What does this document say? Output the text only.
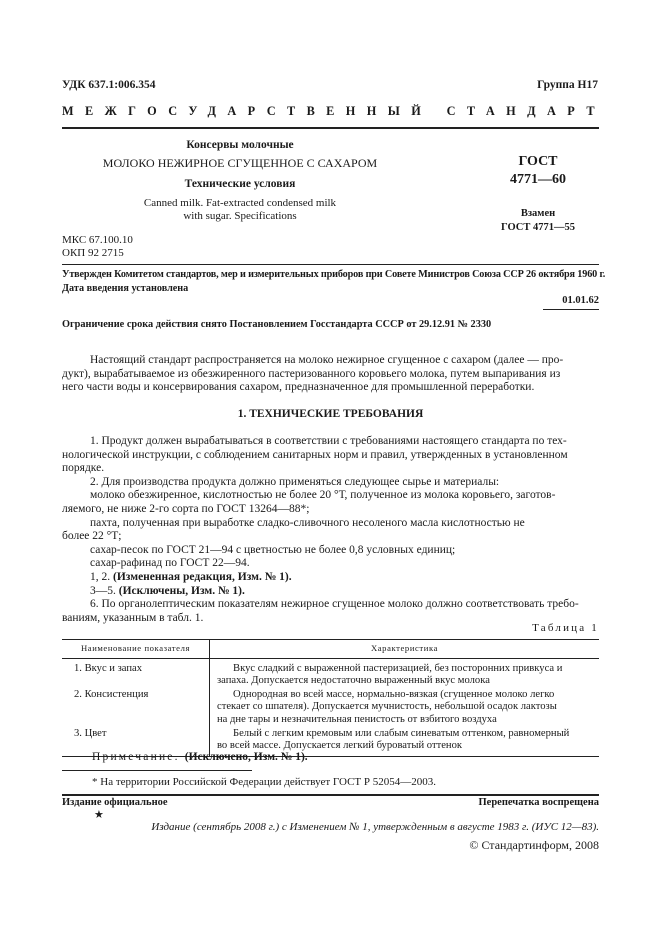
УДК 637.1:006.354	Группа Н17

МЕЖГОСУДАРСТВЕННЫЙ СТАНДАРТ

Консервы молочные

МОЛОКО НЕЖИРНОЕ СГУЩЕННОЕ С САХАРОМ

Технические условия

Canned milk. Fat-extracted condensed milk

with sugar. Specifications

ГОСТ

4771—60

Взамен

ГОСТ 4771—55

МКС 67.100.10

ОКП 92 2715

Утвержден Комитетом стандартов, мер и измерительных приборов при Совете Министров Союза ССР 26 октября 1960 г.

Дата введения установлена

01.01.62

Ограничение срока действия снято Постановлением Госстандарта СССР от 29.12.91 № 2330

Настоящий стандарт распространяется на молоко нежирное сгущенное с сахаром (далее — про-
дукт), вырабатываемое из обезжиренного пастеризованного коровьего молока, путем выпаривания из
него части воды и консервирования сахаром, предназначенное для промышленной переработки.

1. ТЕХНИЧЕСКИЕ ТРЕБОВАНИЯ

1. Продукт должен вырабатываться в соответствии с требованиями настоящего стандарта по тех-
нологической инструкции, с соблюдением санитарных норм и правил, утвержденных в установленном
порядке.
2. Для производства продукта должно применяться следующее сырье и материалы:
молоко обезжиренное, кислотностью не более 20 °Т, полученное из молока коровьего, заготов-
ляемого, не ниже 2-го сорта по ГОСТ 13264—88*;
пахта, полученная при выработке сладко-сливочного несоленого масла кислотностью не
более 22 °Т;
сахар-песок по ГОСТ 21—94 с цветностью не более 0,8 условных единиц;
сахар-рафинад по ГОСТ 22—94.
1, 2. (Измененная редакция, Изм. № 1).
3—5. (Исключены, Изм. № 1).
6. По органолептическим показателям нежирное сгущенное молоко должно соответствовать требо-
ваниям, указанным в табл. 1.

Таблица 1

Наименование показателя	Характеристика
1. Вкус и запах	Вкус сладкий с выраженной пастеризацией, без посторонних привкуса и
запаха. Допускается недостаточно выраженный вкус молока

2. Консистенция	Однородная во всей массе, нормально-вязкая (сгущенное молоко легко
стекает со шпателя). Допускается мучнистость, небольшой осадок лактозы
на дне тары и незначительная пенистость от взбитого воздуха

3. Цвет	Белый с легким кремовым или слабым синеватым оттенком, равномерный
во всей массе. Допускается легкий буроватый оттенок

Примечание. (Исключено, Изм. № 1).

* На территории Российской Федерации действует ГОСТ Р 52054—2003.

Издание официальное	Перепечатка воспрещена

★

Издание (сентябрь 2008 г.) с Изменением № 1, утвержденным в августе 1983 г. (ИУС 12—83).

© Стандартинформ, 2008
